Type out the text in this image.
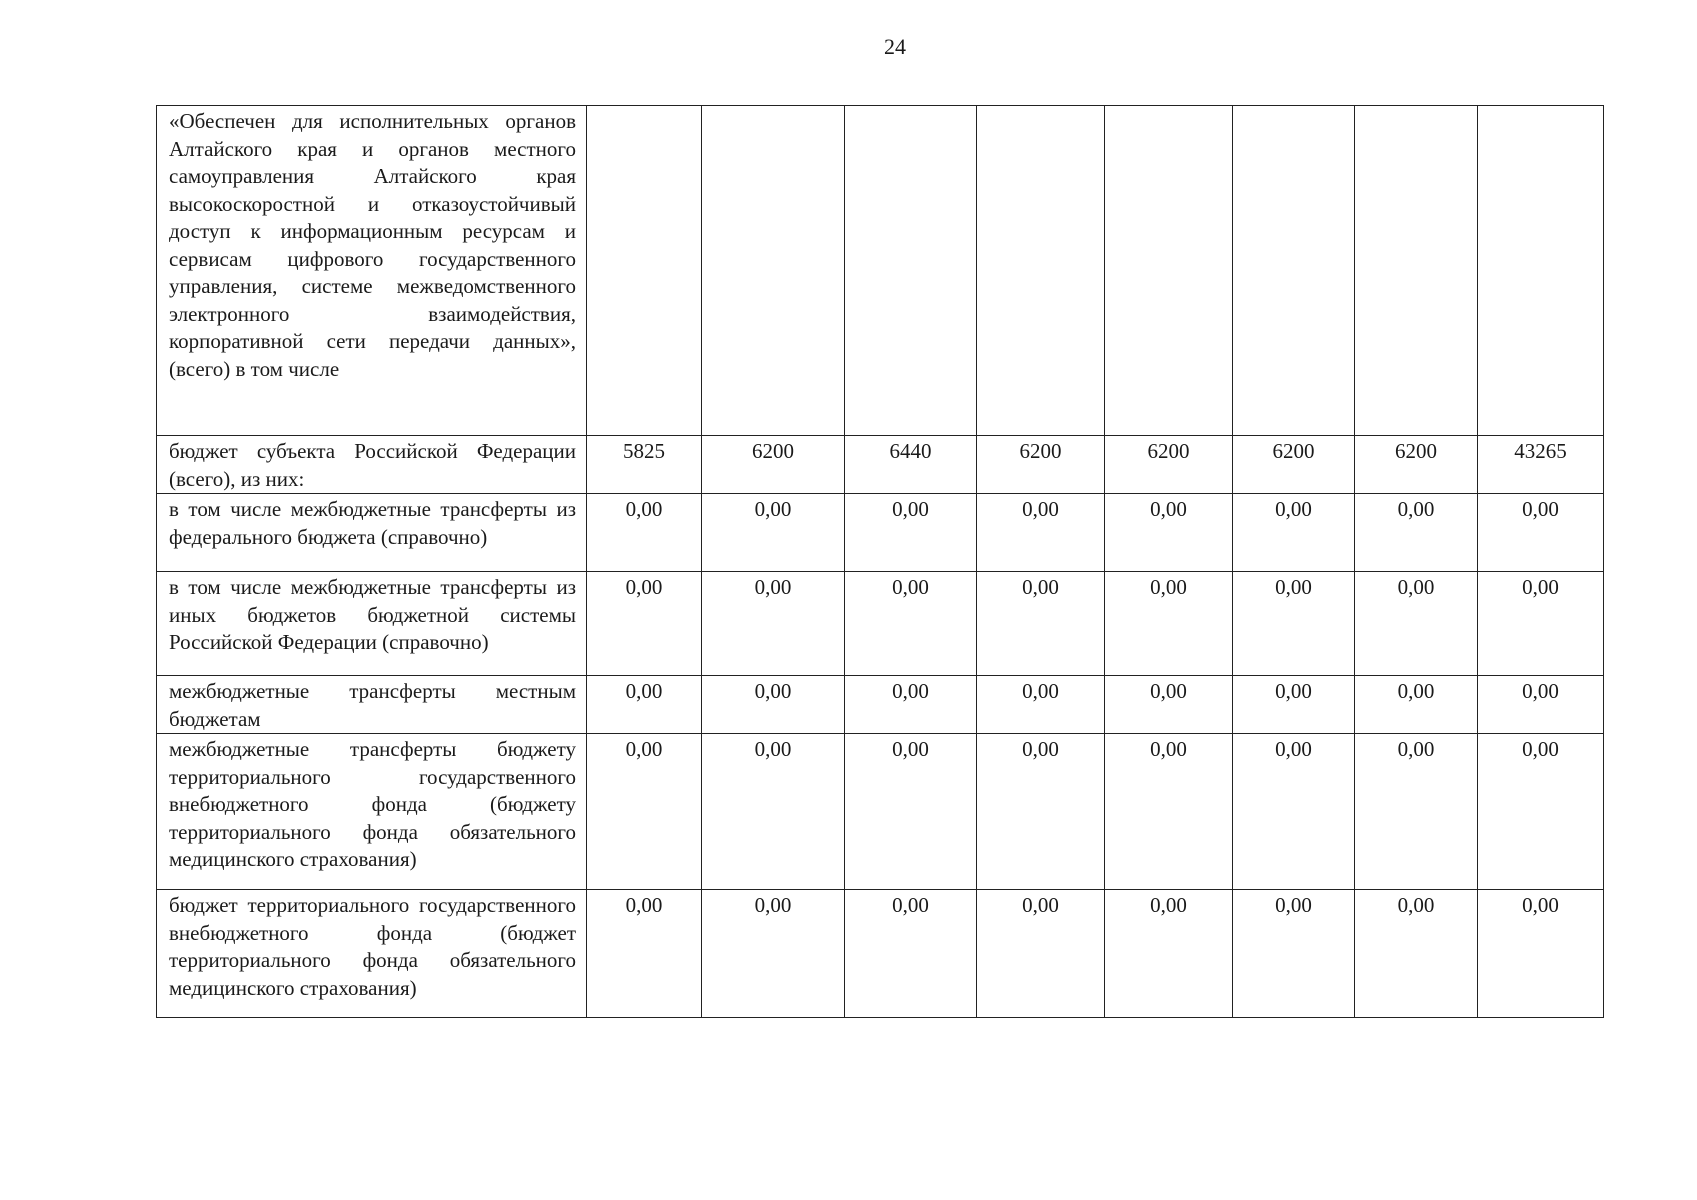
24
«Обеспечен для исполнительных органов Алтайского края и органов местного самоуправления Алтайского края высокоскоростной и отказоустойчивый доступ к информационным ресурсам и сервисам цифрового государственного управления, системе межведомственного электронного взаимодействия, корпоративной сети передачи данных», (всего) в том числе								
бюджет субъекта Российской Федерации (всего), из них:	5825	6200	6440	6200	6200	6200	6200	43265
в том числе межбюджетные трансферты из федерального бюджета (справочно)	0,00	0,00	0,00	0,00	0,00	0,00	0,00	0,00
в том числе межбюджетные трансферты из иных бюджетов бюджетной системы Российской Федерации (справочно)	0,00	0,00	0,00	0,00	0,00	0,00	0,00	0,00
межбюджетные трансферты местным бюджетам	0,00	0,00	0,00	0,00	0,00	0,00	0,00	0,00
межбюджетные трансферты бюджету территориального государственного внебюджетного фонда (бюджету территориального фонда обязательного медицинского страхования)	0,00	0,00	0,00	0,00	0,00	0,00	0,00	0,00
бюджет территориального государственного внебюджетного фонда (бюджет территориального фонда обязательного медицинского страхования)	0,00	0,00	0,00	0,00	0,00	0,00	0,00	0,00
